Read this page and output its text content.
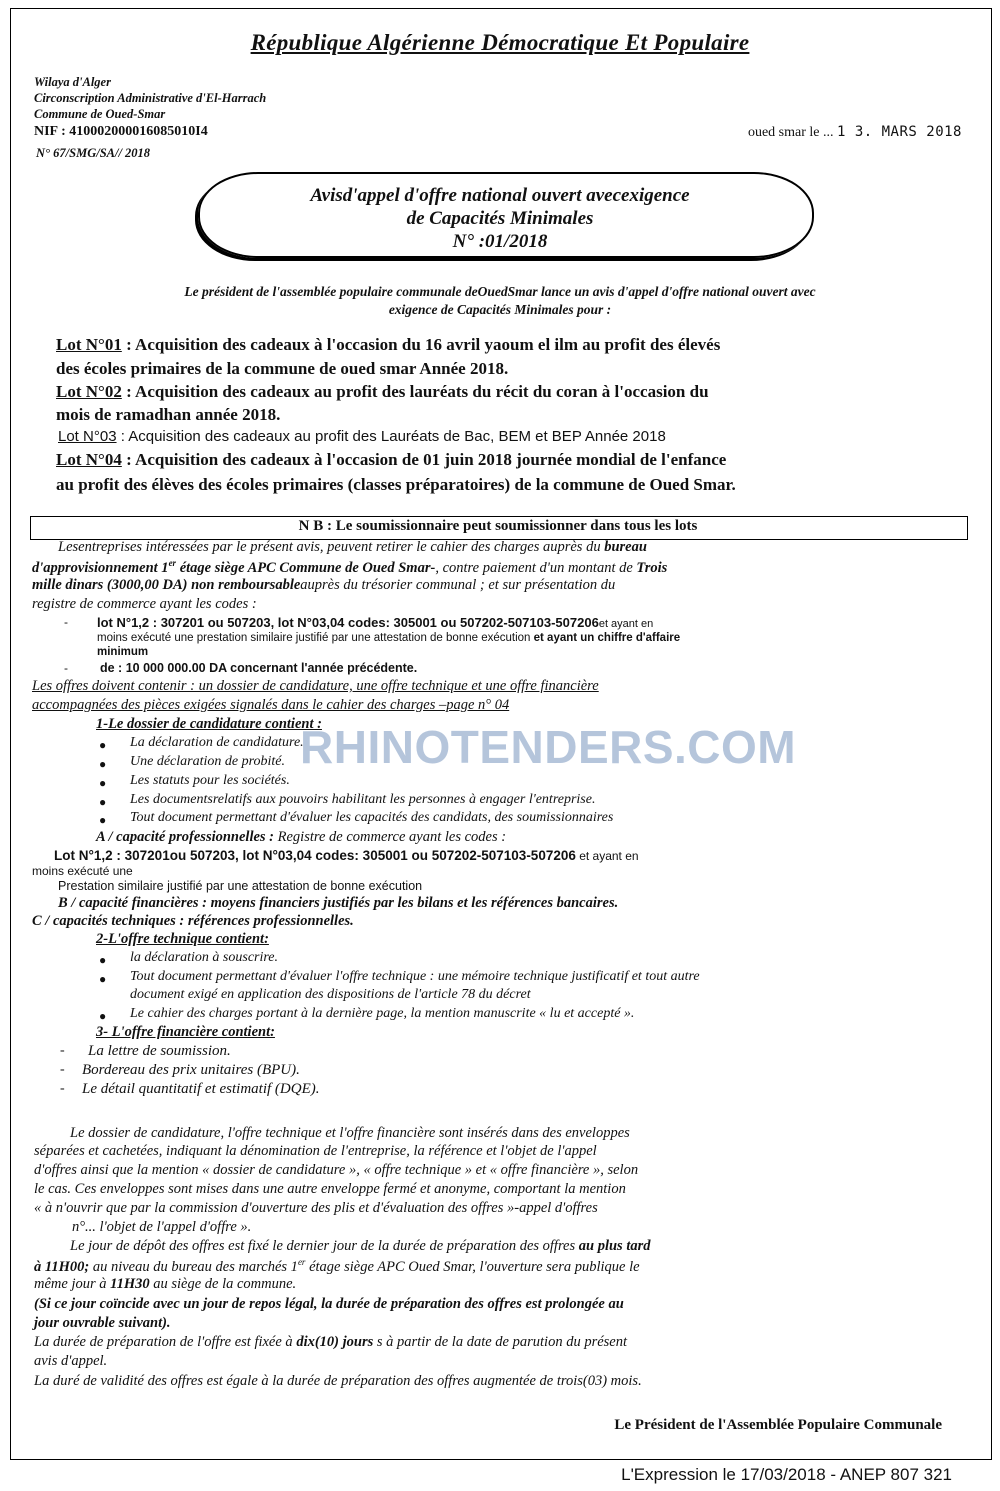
République Algérienne Démocratique Et Populaire
Wilaya d'Alger
Circonscription Administrative d'El-Harrach
Commune de Oued-Smar
NIF : 410002000016085010I4
N° 67/SMG/SA// 2018
oued smar le ... 1 3. MARS 2018
Avisd'appel d'offre national ouvert avecexigence
de Capacités Minimales
N° :01/2018
Le président de l'assemblée populaire communale deOuedSmar lance un avis d'appel d'offre national ouvert avec
exigence de Capacités Minimales pour :
Lot N°01 : Acquisition des cadeaux à l'occasion du 16 avril yaoum el ilm au profit des élevés
des écoles primaires de la commune de oued smar Année 2018.
Lot N°02 : Acquisition des cadeaux au profit des lauréats du récit du coran à l'occasion du
mois de ramadhan année 2018.
Lot N°03 : Acquisition des cadeaux au profit des Lauréats de Bac, BEM et BEP Année 2018
Lot N°04 : Acquisition des cadeaux à l'occasion de 01 juin 2018 journée mondial de l'enfance
au profit des élèves des écoles primaires (classes préparatoires) de la commune de Oued Smar.
N B : Le soumissionnaire peut soumissionner dans tous les lots
Lesentreprises intéressées par le présent avis, peuvent retirer le cahier des charges auprès du bureau
d'approvisionnement 1er étage siège APC Commune de Oued Smar-, contre paiement d'un montant de Trois
mille dinars (3000,00 DA) non remboursableauprès du trésorier communal ; et sur présentation du
registre de commerce ayant les codes :
- lot N°1,2 : 307201 ou 507203, lot N°03,04 codes: 305001 ou 507202-507103-507206et ayant en
moins exécuté une prestation similaire justifié par une attestation de bonne exécution et ayant un chiffre d'affaire
minimum
-	de : 10 000 000.00 DA concernant l'année précédente.
Les offres doivent contenir : un dossier de candidature, une offre technique et une offre financière
accompagnées des pièces exigées signalés dans le cahier des charges –page n° 04
RHINOTENDERS.COM
1-Le dossier de candidature contient :
● La déclaration de candidature.
● Une déclaration de probité.
● Les statuts pour les sociétés.
● Les documentsrelatifs aux pouvoirs habilitant les personnes à engager l'entreprise.
● Tout document permettant d'évaluer les capacités des candidats, des soumissionnaires
A / capacité professionnelles : Registre de commerce ayant les codes :
Lot N°1,2 : 307201ou 507203, lot N°03,04 codes: 305001 ou 507202-507103-507206 et ayant en
moins exécuté une
Prestation similaire justifié par une attestation de bonne exécution
B / capacité financières : moyens financiers justifiés par les bilans et les références bancaires.
C / capacités techniques : références professionnelles.
2-L'offre technique contient:
● la déclaration à souscrire.
● Tout document permettant d'évaluer l'offre technique : une mémoire technique justificatif et tout autre
document exigé en application des dispositions de l'article 78 du décret
● Le cahier des charges portant à la dernière page, la mention manuscrite « lu et accepté ».
3- L'offre financière contient:
- La lettre de soumission.
- Bordereau des prix unitaires (BPU).
- Le détail quantitatif et estimatif (DQE).
Le dossier de candidature, l'offre technique et l'offre financière sont insérés dans des enveloppes
séparées et cachetées, indiquant la dénomination de l'entreprise, la référence et l'objet de l'appel
d'offres ainsi que la mention « dossier de candidature », « offre technique » et « offre financière », selon
le cas. Ces enveloppes sont mises dans une autre enveloppe fermé et anonyme, comportant la mention
« à n'ouvrir que par la commission d'ouverture des plis et d'évaluation des offres »-appel d'offres
n°... l'objet de l'appel d'offre ».
Le jour de dépôt des offres est fixé le dernier jour de la durée de préparation des offres au plus tard
à 11H00; au niveau du bureau des marchés 1er étage siège APC Oued Smar, l'ouverture sera publique le
même jour à 11H30 au siège de la commune.
(Si ce jour coïncide avec un jour de repos légal, la durée de préparation des offres est prolongée au
jour ouvrable suivant).
La durée de préparation de l'offre est fixée à dix(10) jours s à partir de la date de parution du présent
avis d'appel.
La duré de validité des offres est égale à la durée de préparation des offres augmentée de trois(03) mois.
Le Président de l'Assemblée Populaire Communale
L'Expression le 17/03/2018 - ANEP 807 321
